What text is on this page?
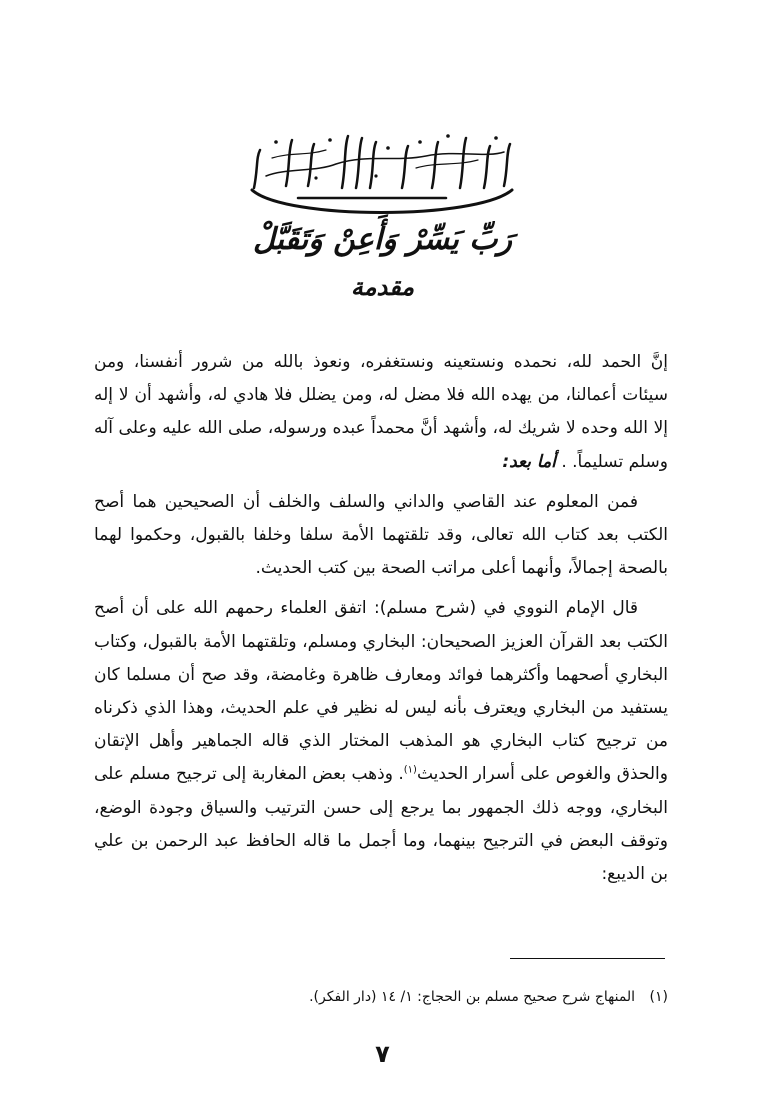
رَبِّ يَسِّرْ وَأَعِنْ وَتَقَبَّلْ
مقدمة

إنَّ الحمد لله، نحمده ونستعينه ونستغفره، ونعوذ بالله من شرور أنفسنا، ومن سيئات أعمالنا، من يهده الله فلا مضل له، ومن يضلل فلا هادي له، وأشهد أن لا إله إلا الله وحده لا شريك له، وأشهد أنَّ محمداً عبده ورسوله، صلى الله عليه وعلى آله وسلم تسليماً. . أما بعد:

فمن المعلوم عند القاصي والداني والسلف والخلف أن الصحيحين هما أصح الكتب بعد كتاب الله تعالى، وقد تلقتهما الأمة سلفا وخلفا بالقبول، وحكموا لهما بالصحة إجمالاً، وأنهما أعلى مراتب الصحة بين كتب الحديث.

قال الإمام النووي في (شرح مسلم): اتفق العلماء رحمهم الله على أن أصح الكتب بعد القرآن العزيز الصحيحان: البخاري ومسلم، وتلقتهما الأمة بالقبول، وكتاب البخاري أصحهما وأكثرهما فوائد ومعارف ظاهرة وغامضة، وقد صح أن مسلما كان يستفيد من البخاري ويعترف بأنه ليس له نظير في علم الحديث، وهذا الذي ذكرناه من ترجيح كتاب البخاري هو المذهب المختار الذي قاله الجماهير وأهل الإتقان والحذق والغوص على أسرار الحديث$^{(١)}$. وذهب بعض المغاربة إلى ترجيح مسلم على البخاري، ووجه ذلك الجمهور بما يرجع إلى حسن الترتيب والسياق وجودة الوضع، وتوقف البعض في الترجيح بينهما، وما أجمل ما قاله الحافظ عبد الرحمن بن علي بن الديبع:

(١) المنهاج شرح صحيح مسلم بن الحجاج: ١/ ١٤ (دار الفكر).
٧
